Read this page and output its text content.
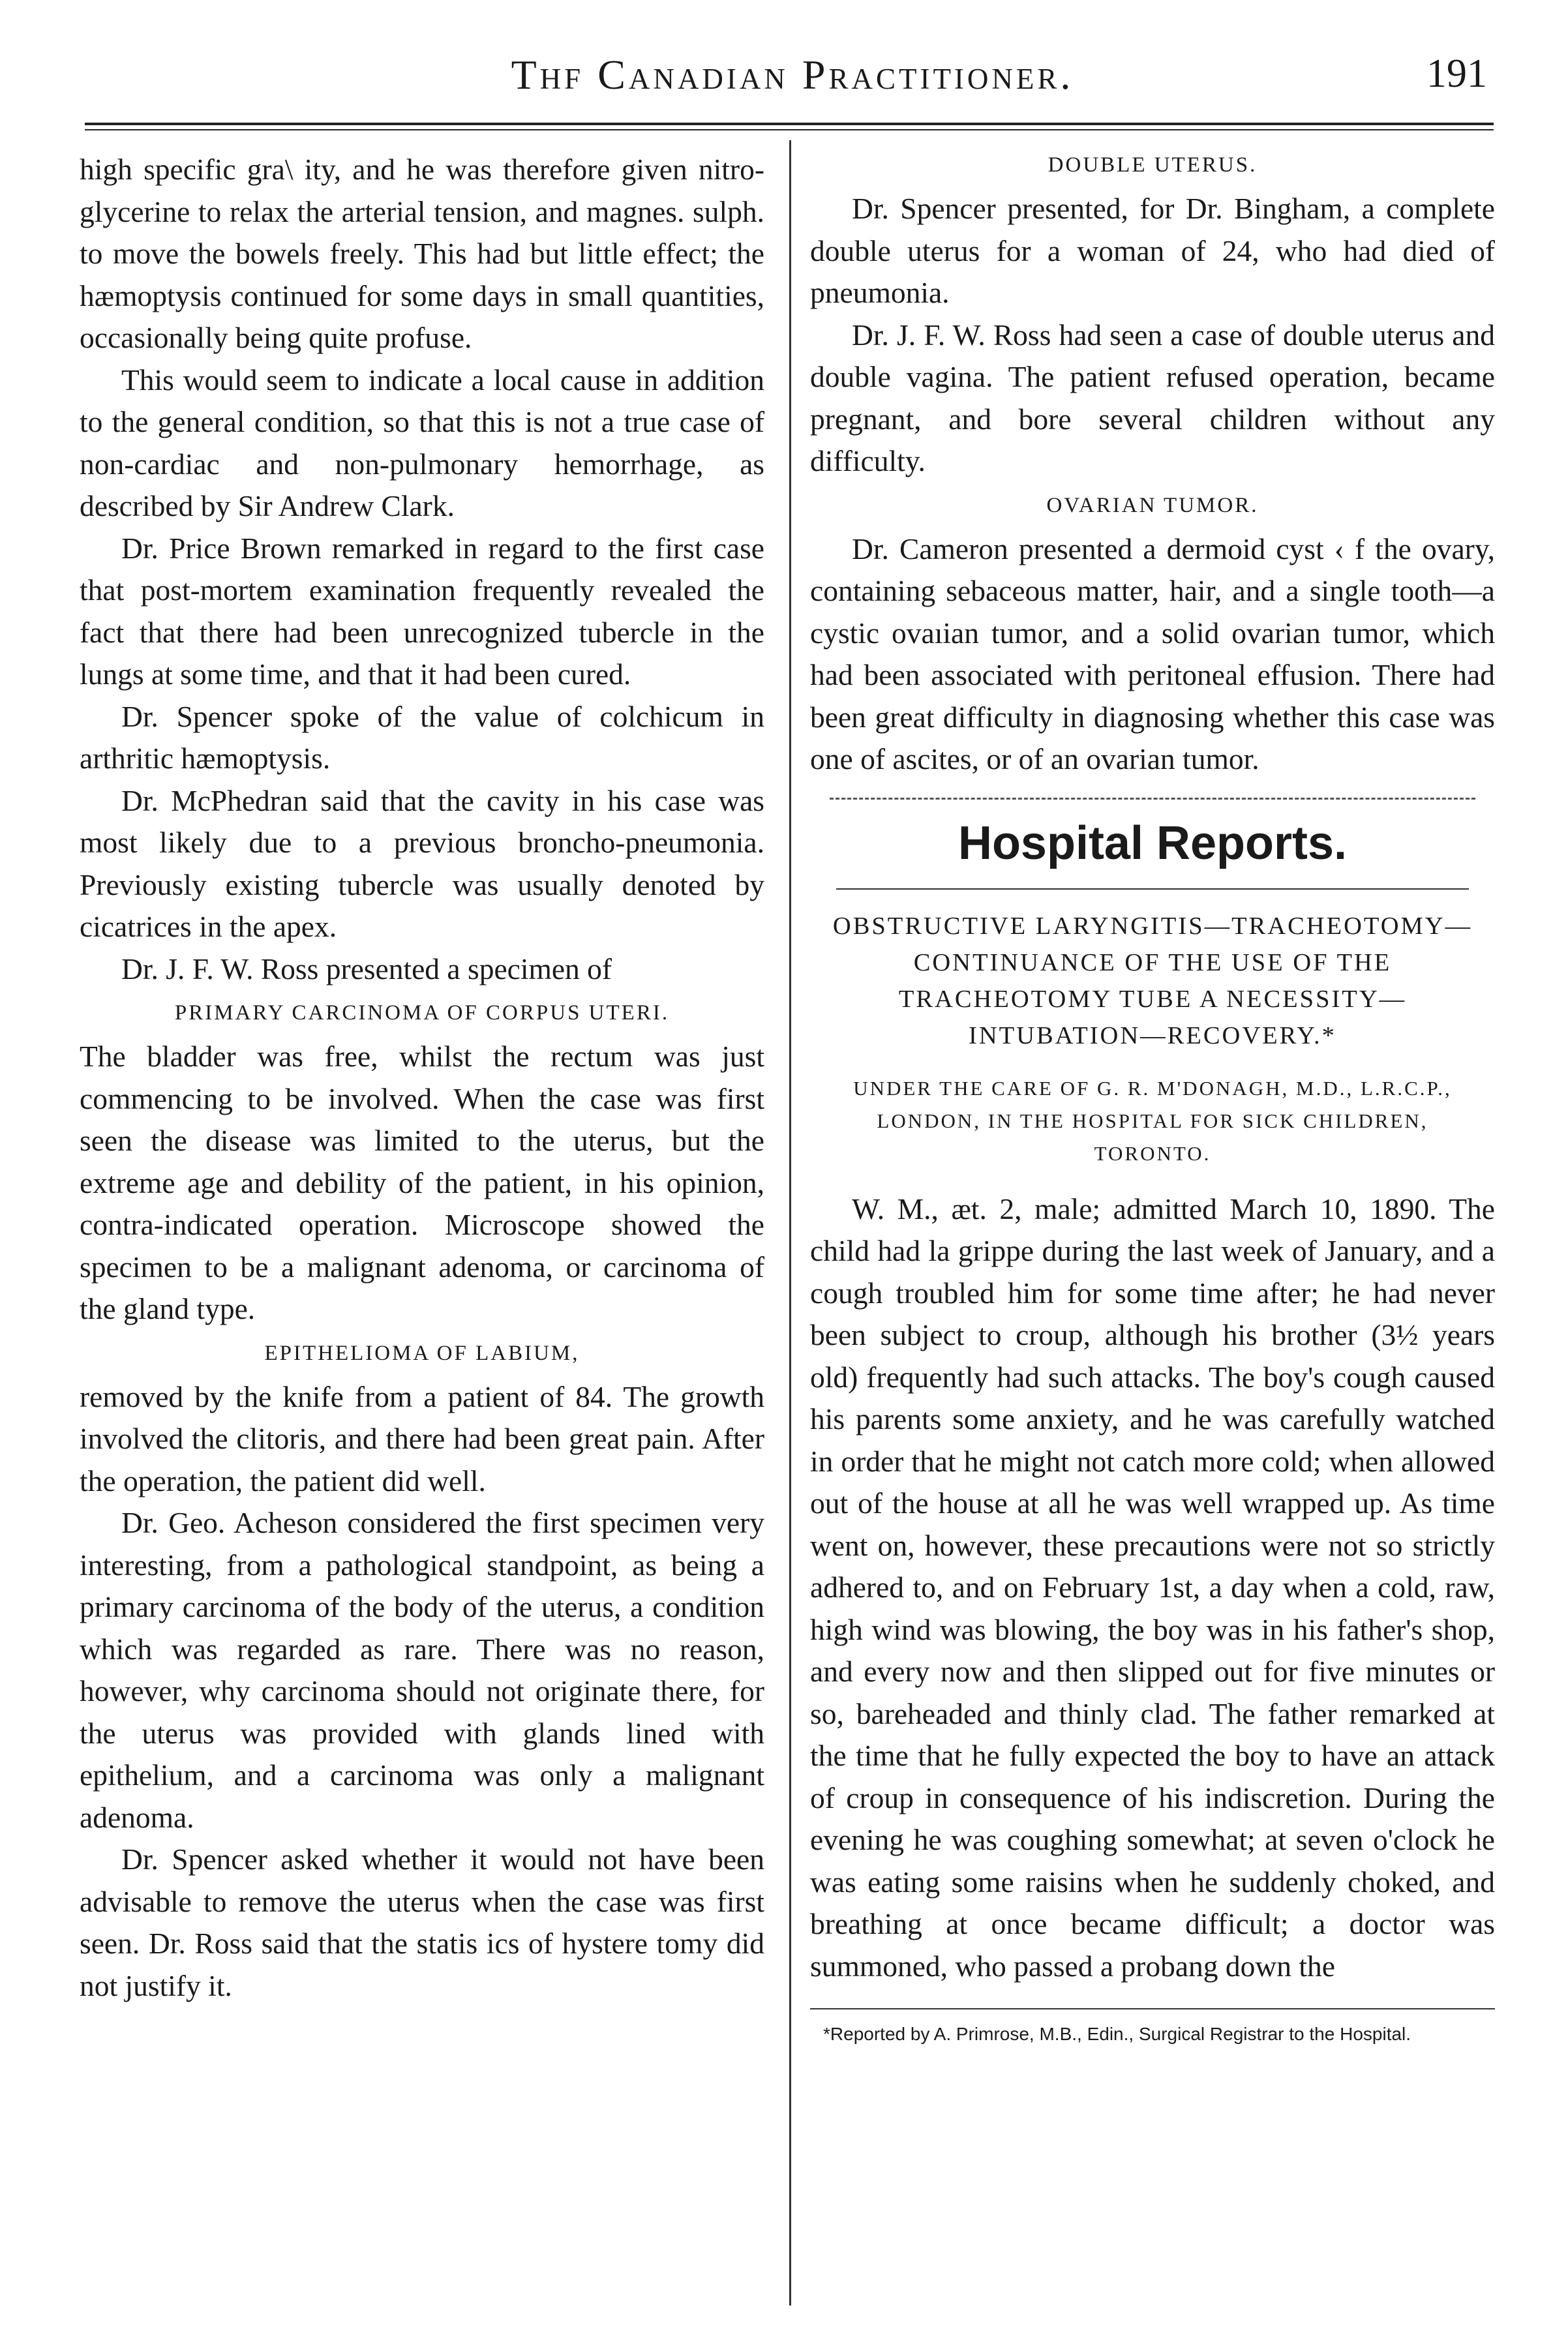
Thf Canadian Practitioner.	191

high specific gra\ ity, and he was therefore given nitro-glycerine to relax the arterial tension, and magnes. sulph. to move the bowels freely. This had but little effect; the hæmoptysis continued for some days in small quantities, occasionally being quite profuse.

This would seem to indicate a local cause in addition to the general condition, so that this is not a true case of non-cardiac and non-pulmonary hemorrhage, as described by Sir Andrew Clark.

Dr. Price Brown remarked in regard to the first case that post-mortem examination frequently revealed the fact that there had been unrecognized tubercle in the lungs at some time, and that it had been cured.

Dr. Spencer spoke of the value of colchicum in arthritic hæmoptysis.

Dr. McPhedran said that the cavity in his case was most likely due to a previous broncho-pneumonia. Previously existing tubercle was usually denoted by cicatrices in the apex.

Dr. J. F. W. Ross presented a specimen of

PRIMARY CARCINOMA OF CORPUS UTERI.

The bladder was free, whilst the rectum was just commencing to be involved. When the case was first seen the disease was limited to the uterus, but the extreme age and debility of the patient, in his opinion, contra-indicated operation. Microscope showed the specimen to be a malignant adenoma, or carcinoma of the gland type.

EPITHELIOMA OF LABIUM,

removed by the knife from a patient of 84. The growth involved the clitoris, and there had been great pain. After the operation, the patient did well.

Dr. Geo. Acheson considered the first specimen very interesting, from a pathological standpoint, as being a primary carcinoma of the body of the uterus, a condition which was regarded as rare. There was no reason, however, why carcinoma should not originate there, for the uterus was provided with glands lined with epithelium, and a carcinoma was only a malignant adenoma.

Dr. Spencer asked whether it would not have been advisable to remove the uterus when the case was first seen. Dr. Ross said that the statis ics of hystere tomy did not justify it.

DOUBLE UTERUS.

Dr. Spencer presented, for Dr. Bingham, a complete double uterus for a woman of 24, who had died of pneumonia.

Dr. J. F. W. Ross had seen a case of double uterus and double vagina. The patient refused operation, became pregnant, and bore several children without any difficulty.

OVARIAN TUMOR.

Dr. Cameron presented a dermoid cyst ‹ f the ovary, containing sebaceous matter, hair, and a single tooth—a cystic ovaıian tumor, and a solid ovarian tumor, which had been associated with peritoneal effusion. There had been great difficulty in diagnosing whether this case was one of ascites, or of an ovarian tumor.

Hospital Reports.
OBSTRUCTIVE LARYNGITIS—TRACHEOTOMY—CONTINUANCE OF THE USE OF THE TRACHEOTOMY TUBE A NECESSITY—INTUBATION—RECOVERY.*
UNDER THE CARE OF G. R. M'DONAGH, M.D., L.R.C.P., LONDON, IN THE HOSPITAL FOR SICK CHILDREN, TORONTO.

W. M., æt. 2, male; admitted March 10, 1890. The child had la grippe during the last week of January, and a cough troubled him for some time after; he had never been subject to croup, although his brother (3½ years old) frequently had such attacks. The boy's cough caused his parents some anxiety, and he was carefully watched in order that he might not catch more cold; when allowed out of the house at all he was well wrapped up. As time went on, however, these precautions were not so strictly adhered to, and on February 1st, a day when a cold, raw, high wind was blowing, the boy was in his father's shop, and every now and then slipped out for five minutes or so, bareheaded and thinly clad. The father remarked at the time that he fully expected the boy to have an attack of croup in consequence of his indiscretion. During the evening he was coughing somewhat; at seven o'clock he was eating some raisins when he suddenly choked, and breathing at once became difficult; a doctor was summoned, who passed a probang down the

*Reported by A. Primrose, M.B., Edin., Surgical Registrar to the Hospital.
